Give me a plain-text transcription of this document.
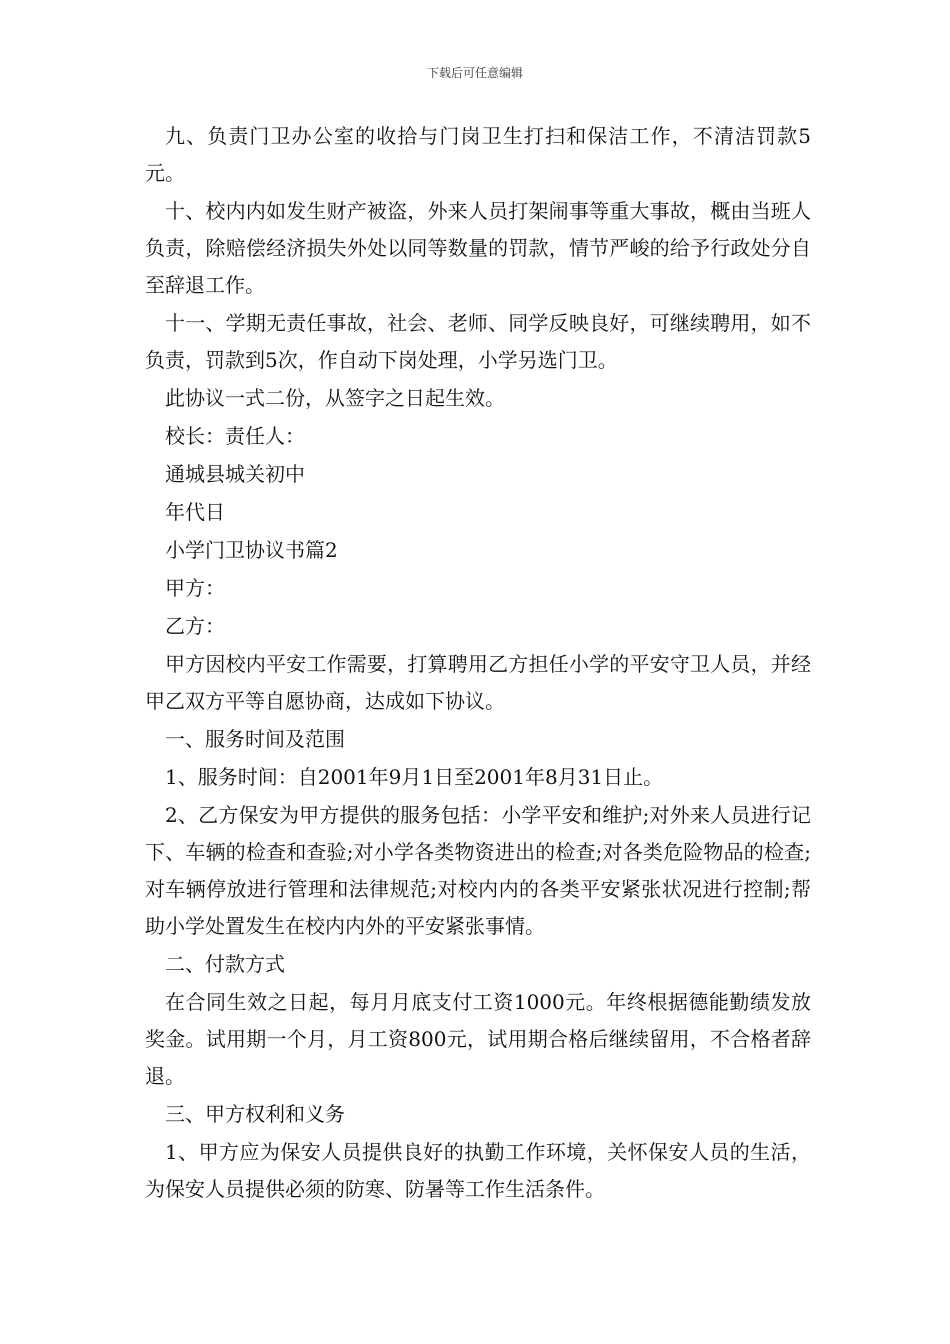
下载后可任意编辑

九、负责门卫办公室的收拾与门岗卫生打扫和保洁工作，不清洁罚款5元。

十、校内内如发生财产被盗，外来人员打架闹事等重大事故，概由当班人负责，除赔偿经济损失外处以同等数量的罚款，情节严峻的给予行政处分自至辞退工作。

十一、学期无责任事故，社会、老师、同学反映良好，可继续聘用，如不负责，罚款到5次，作自动下岗处理，小学另选门卫。

此协议一式二份，从签字之日起生效。

校长：责任人：

通城县城关初中

年代日

小学门卫协议书篇2

甲方：

乙方：

甲方因校内平安工作需要，打算聘用乙方担任小学的平安守卫人员，并经甲乙双方平等自愿协商，达成如下协议。

一、服务时间及范围

1、服务时间：自2001年9月1日至2001年8月31日止。

2、乙方保安为甲方提供的服务包括：小学平安和维护;对外来人员进行记下、车辆的检查和查验;对小学各类物资进出的检查;对各类危险物品的检查;对车辆停放进行管理和法律规范;对校内内的各类平安紧张状况进行控制;帮助小学处置发生在校内内外的平安紧张事情。

二、付款方式

在合同生效之日起，每月月底支付工资1000元。年终根据德能勤绩发放奖金。试用期一个月，月工资800元，试用期合格后继续留用，不合格者辞退。

三、甲方权利和义务

1、甲方应为保安人员提供良好的执勤工作环境，关怀保安人员的生活，为保安人员提供必须的防寒、防暑等工作生活条件。
